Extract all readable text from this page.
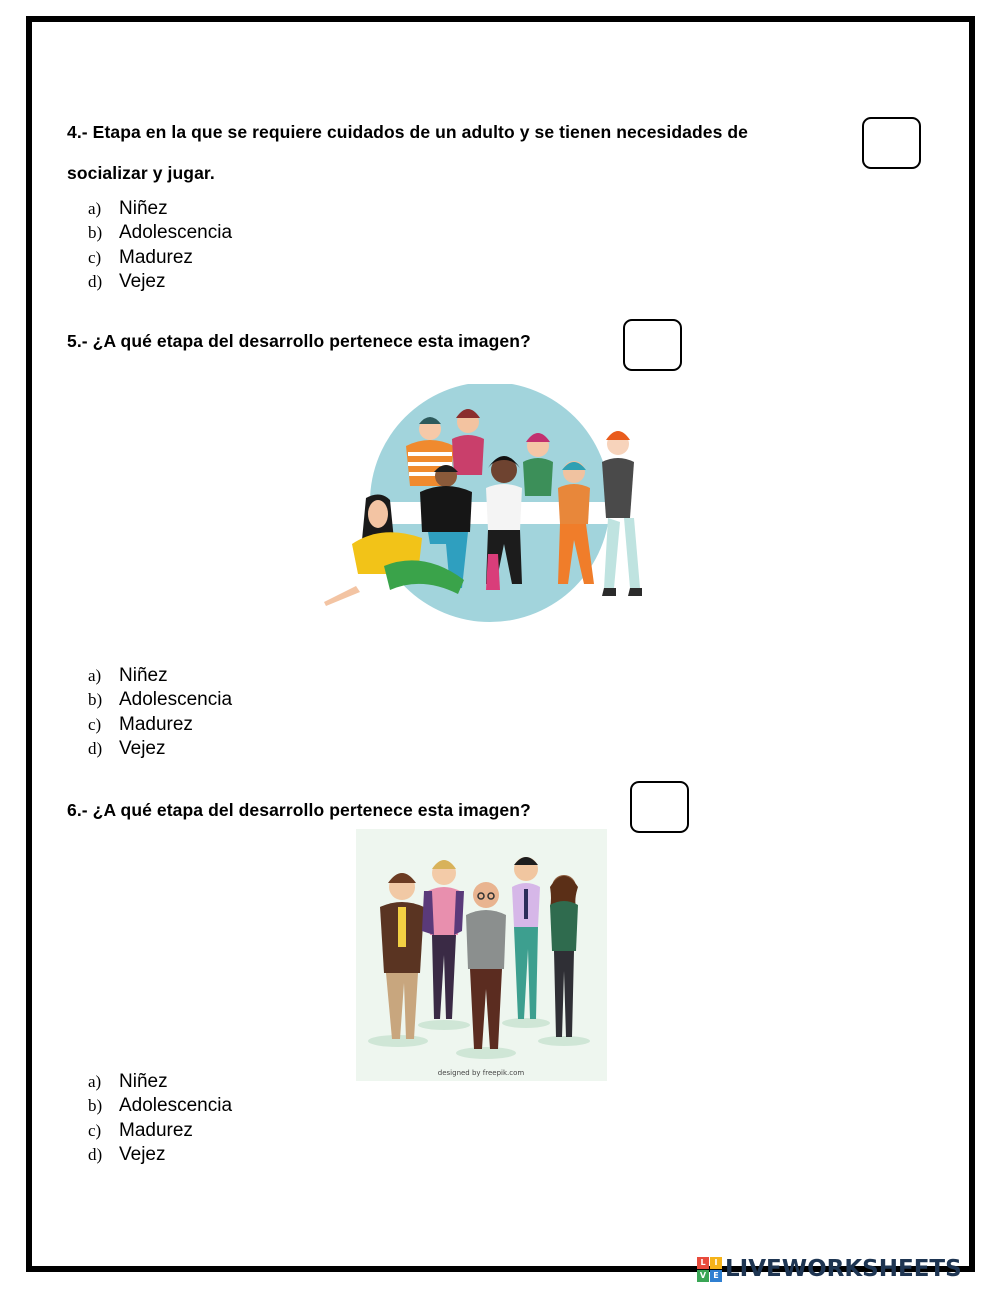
4.- Etapa en la que se requiere cuidados de un adulto y se tienen necesidades de
socializar y jugar.
a) Niñez
b) Adolescencia
c) Madurez
d) Vejez
5.- ¿A qué etapa del desarrollo pertenece esta imagen?
a) Niñez
b) Adolescencia
c) Madurez
d) Vejez
6.- ¿A qué etapa del desarrollo pertenece esta imagen?
designed by freepik.com
a) Niñez
b) Adolescencia
c) Madurez
d) Vejez
L	I
V E LIVEWORKSHEETS
